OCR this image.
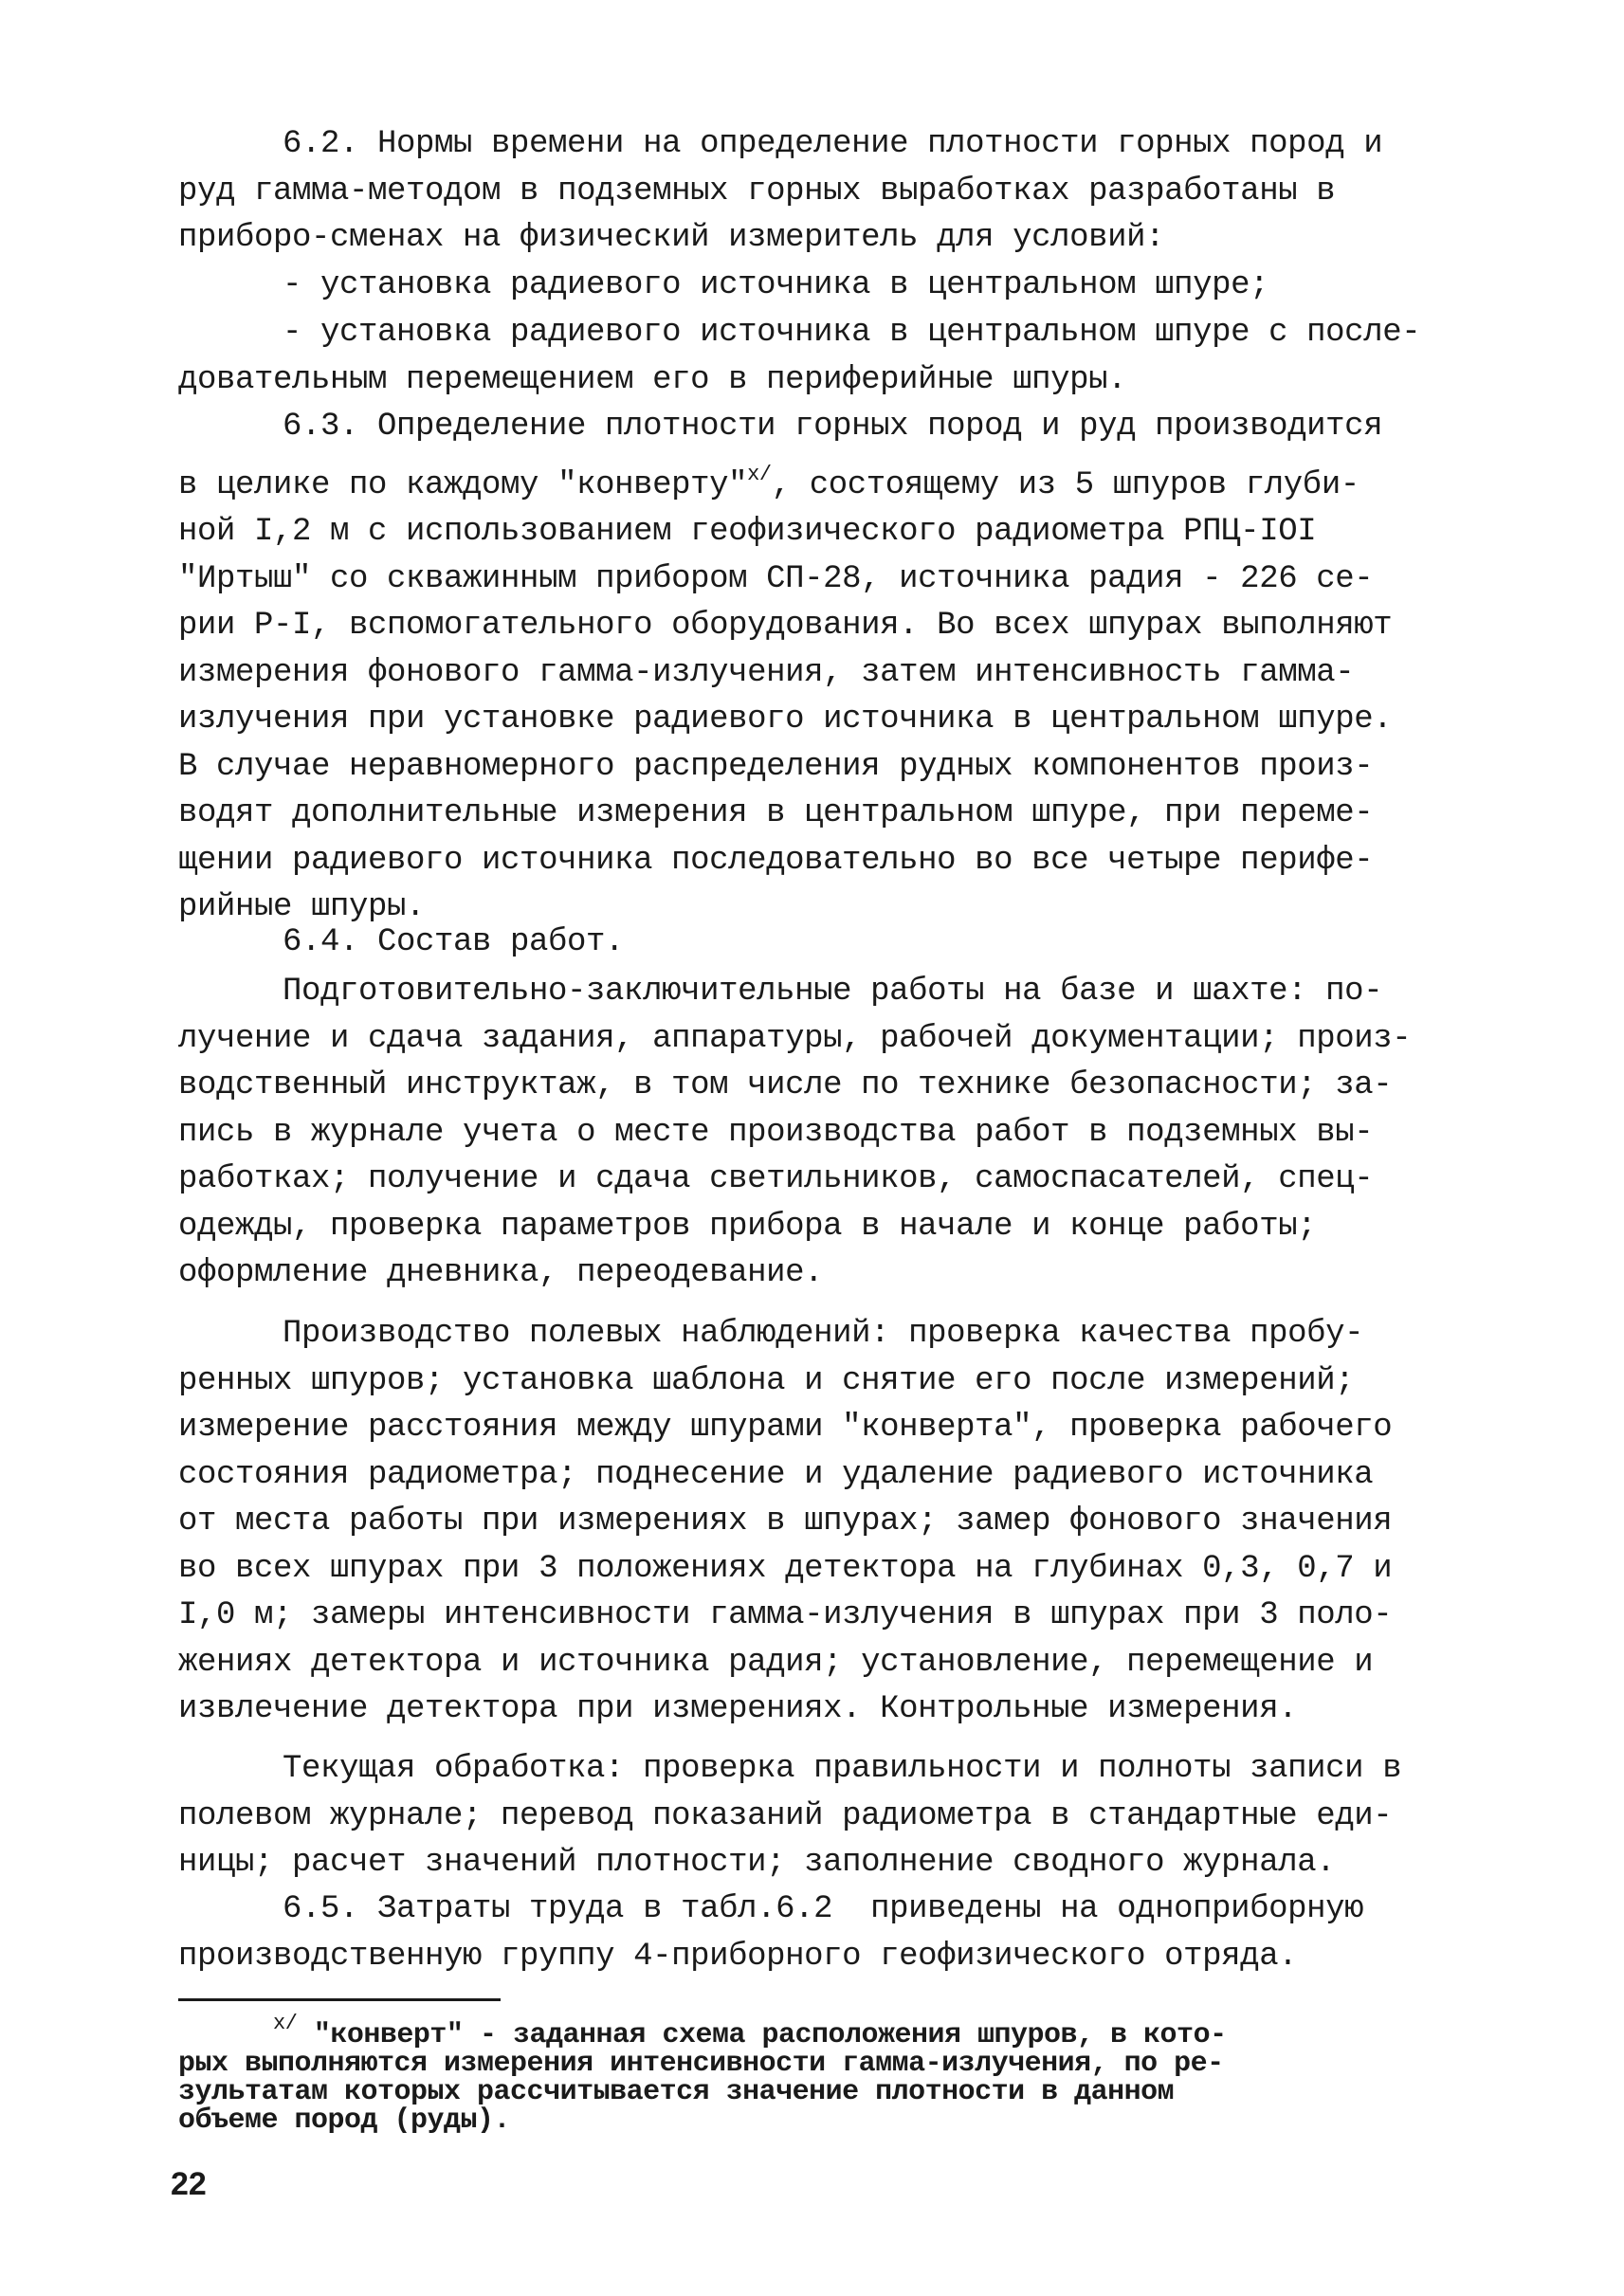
6.2. Нормы времени на определение плотности горных пород и
руд гамма-методом в подземных горных выработках разработаны в
приборо-сменах на физический измеритель для условий:

- установка радиевого источника в центральном шпуре;

- установка радиевого источника в центральном шпуре с после-
довательным перемещением его в периферийные шпуры.

6.3. Определение плотности горных пород и руд производится
в целике по каждому "конверту"$^{х/}$, состоящему из 5 шпуров глуби-
ной I,2 м с использованием геофизического радиометра РПЦ-IOI
"Иртыш" со скважинным прибором СП-28, источника радия - 226 се-
рии Р-I, вспомогательного оборудования. Во всех шпурах выполняют
измерения фонового гамма-излучения, затем интенсивность гамма-
излучения при установке радиевого источника в центральном шпуре.
В случае неравномерного распределения рудных компонентов произ-
водят дополнительные измерения в центральном шпуре, при переме-
щении радиевого источника последовательно во все четыре перифе-
рийные шпуры.

6.4. Состав работ.

Подготовительно-заключительные работы на базе и шахте: по-
лучение и сдача задания, аппаратуры, рабочей документации; произ-
водственный инструктаж, в том числе по технике безопасности; за-
пись в журнале учета о месте производства работ в подземных вы-
работках; получение и сдача светильников, самоспасателей, спец-
одежды, проверка параметров прибора в начале и конце работы;
оформление дневника, переодевание.

Производство полевых наблюдений: проверка качества пробу-
ренных шпуров; установка шаблона и снятие его после измерений;
измерение расстояния между шпурами "конверта", проверка рабочего
состояния радиометра; поднесение и удаление радиевого источника
от места работы при измерениях в шпурах; замер фонового значения
во всех шпурах при 3 положениях детектора на глубинах 0,3, 0,7 и
I,0 м; замеры интенсивности гамма-излучения в шпурах при 3 поло-
жениях детектора и источника радия; установление, перемещение и
извлечение детектора при измерениях. Контрольные измерения.

Текущая обработка: проверка правильности и полноты записи в
полевом журнале; перевод показаний радиометра в стандартные еди-
ницы; расчет значений плотности; заполнение сводного журнала.

6.5. Затраты труда в табл.6.2  приведены на одноприборную
производственную группу 4-приборного геофизического отряда.

$^{х/}$ "конверт" - заданная схема расположения шпуров, в кото-
рых выполняются измерения интенсивности гамма-излучения, по ре-
зультатам которых рассчитывается значение плотности в данном
объеме пород (руды).
22
